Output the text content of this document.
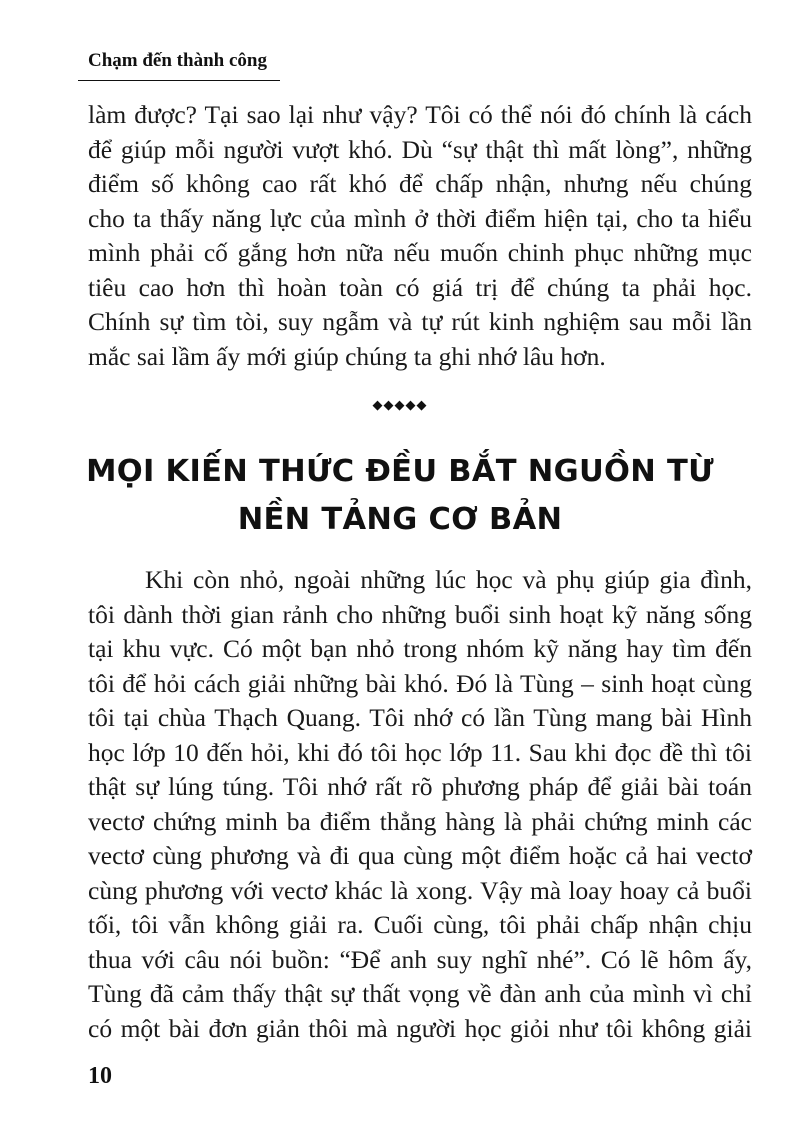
Chạm đến thành công
làm được? Tại sao lại như vậy? Tôi có thể nói đó chính là cách
để giúp mỗi người vượt khó. Dù “sự thật thì mất lòng”, những
điểm số không cao rất khó để chấp nhận, nhưng nếu chúng
cho ta thấy năng lực của mình ở thời điểm hiện tại, cho ta hiểu
mình phải cố gắng hơn nữa nếu muốn chinh phục những mục
tiêu cao hơn thì hoàn toàn có giá trị để chúng ta phải học.
Chính sự tìm tòi, suy ngẫm và tự rút kinh nghiệm sau mỗi lần
mắc sai lầm ấy mới giúp chúng ta ghi nhớ lâu hơn.
◆◆◆◆◆
MỌI KIẾN THỨC ĐỀU BẮT NGUỒN TỪ
NỀN TẢNG CƠ BẢN
Khi còn nhỏ, ngoài những lúc học và phụ giúp gia đình,
tôi dành thời gian rảnh cho những buổi sinh hoạt kỹ năng sống
tại khu vực. Có một bạn nhỏ trong nhóm kỹ năng hay tìm đến
tôi để hỏi cách giải những bài khó. Đó là Tùng – sinh hoạt cùng
tôi tại chùa Thạch Quang. Tôi nhớ có lần Tùng mang bài Hình
học lớp 10 đến hỏi, khi đó tôi học lớp 11. Sau khi đọc đề thì tôi
thật sự lúng túng. Tôi nhớ rất rõ phương pháp để giải bài toán
vectơ chứng minh ba điểm thẳng hàng là phải chứng minh các
vectơ cùng phương và đi qua cùng một điểm hoặc cả hai vectơ
cùng phương với vectơ khác là xong. Vậy mà loay hoay cả buổi
tối, tôi vẫn không giải ra. Cuối cùng, tôi phải chấp nhận chịu
thua với câu nói buồn: “Để anh suy nghĩ nhé”. Có lẽ hôm ấy,
Tùng đã cảm thấy thật sự thất vọng về đàn anh của mình vì chỉ
có một bài đơn giản thôi mà người học giỏi như tôi không giải
10
